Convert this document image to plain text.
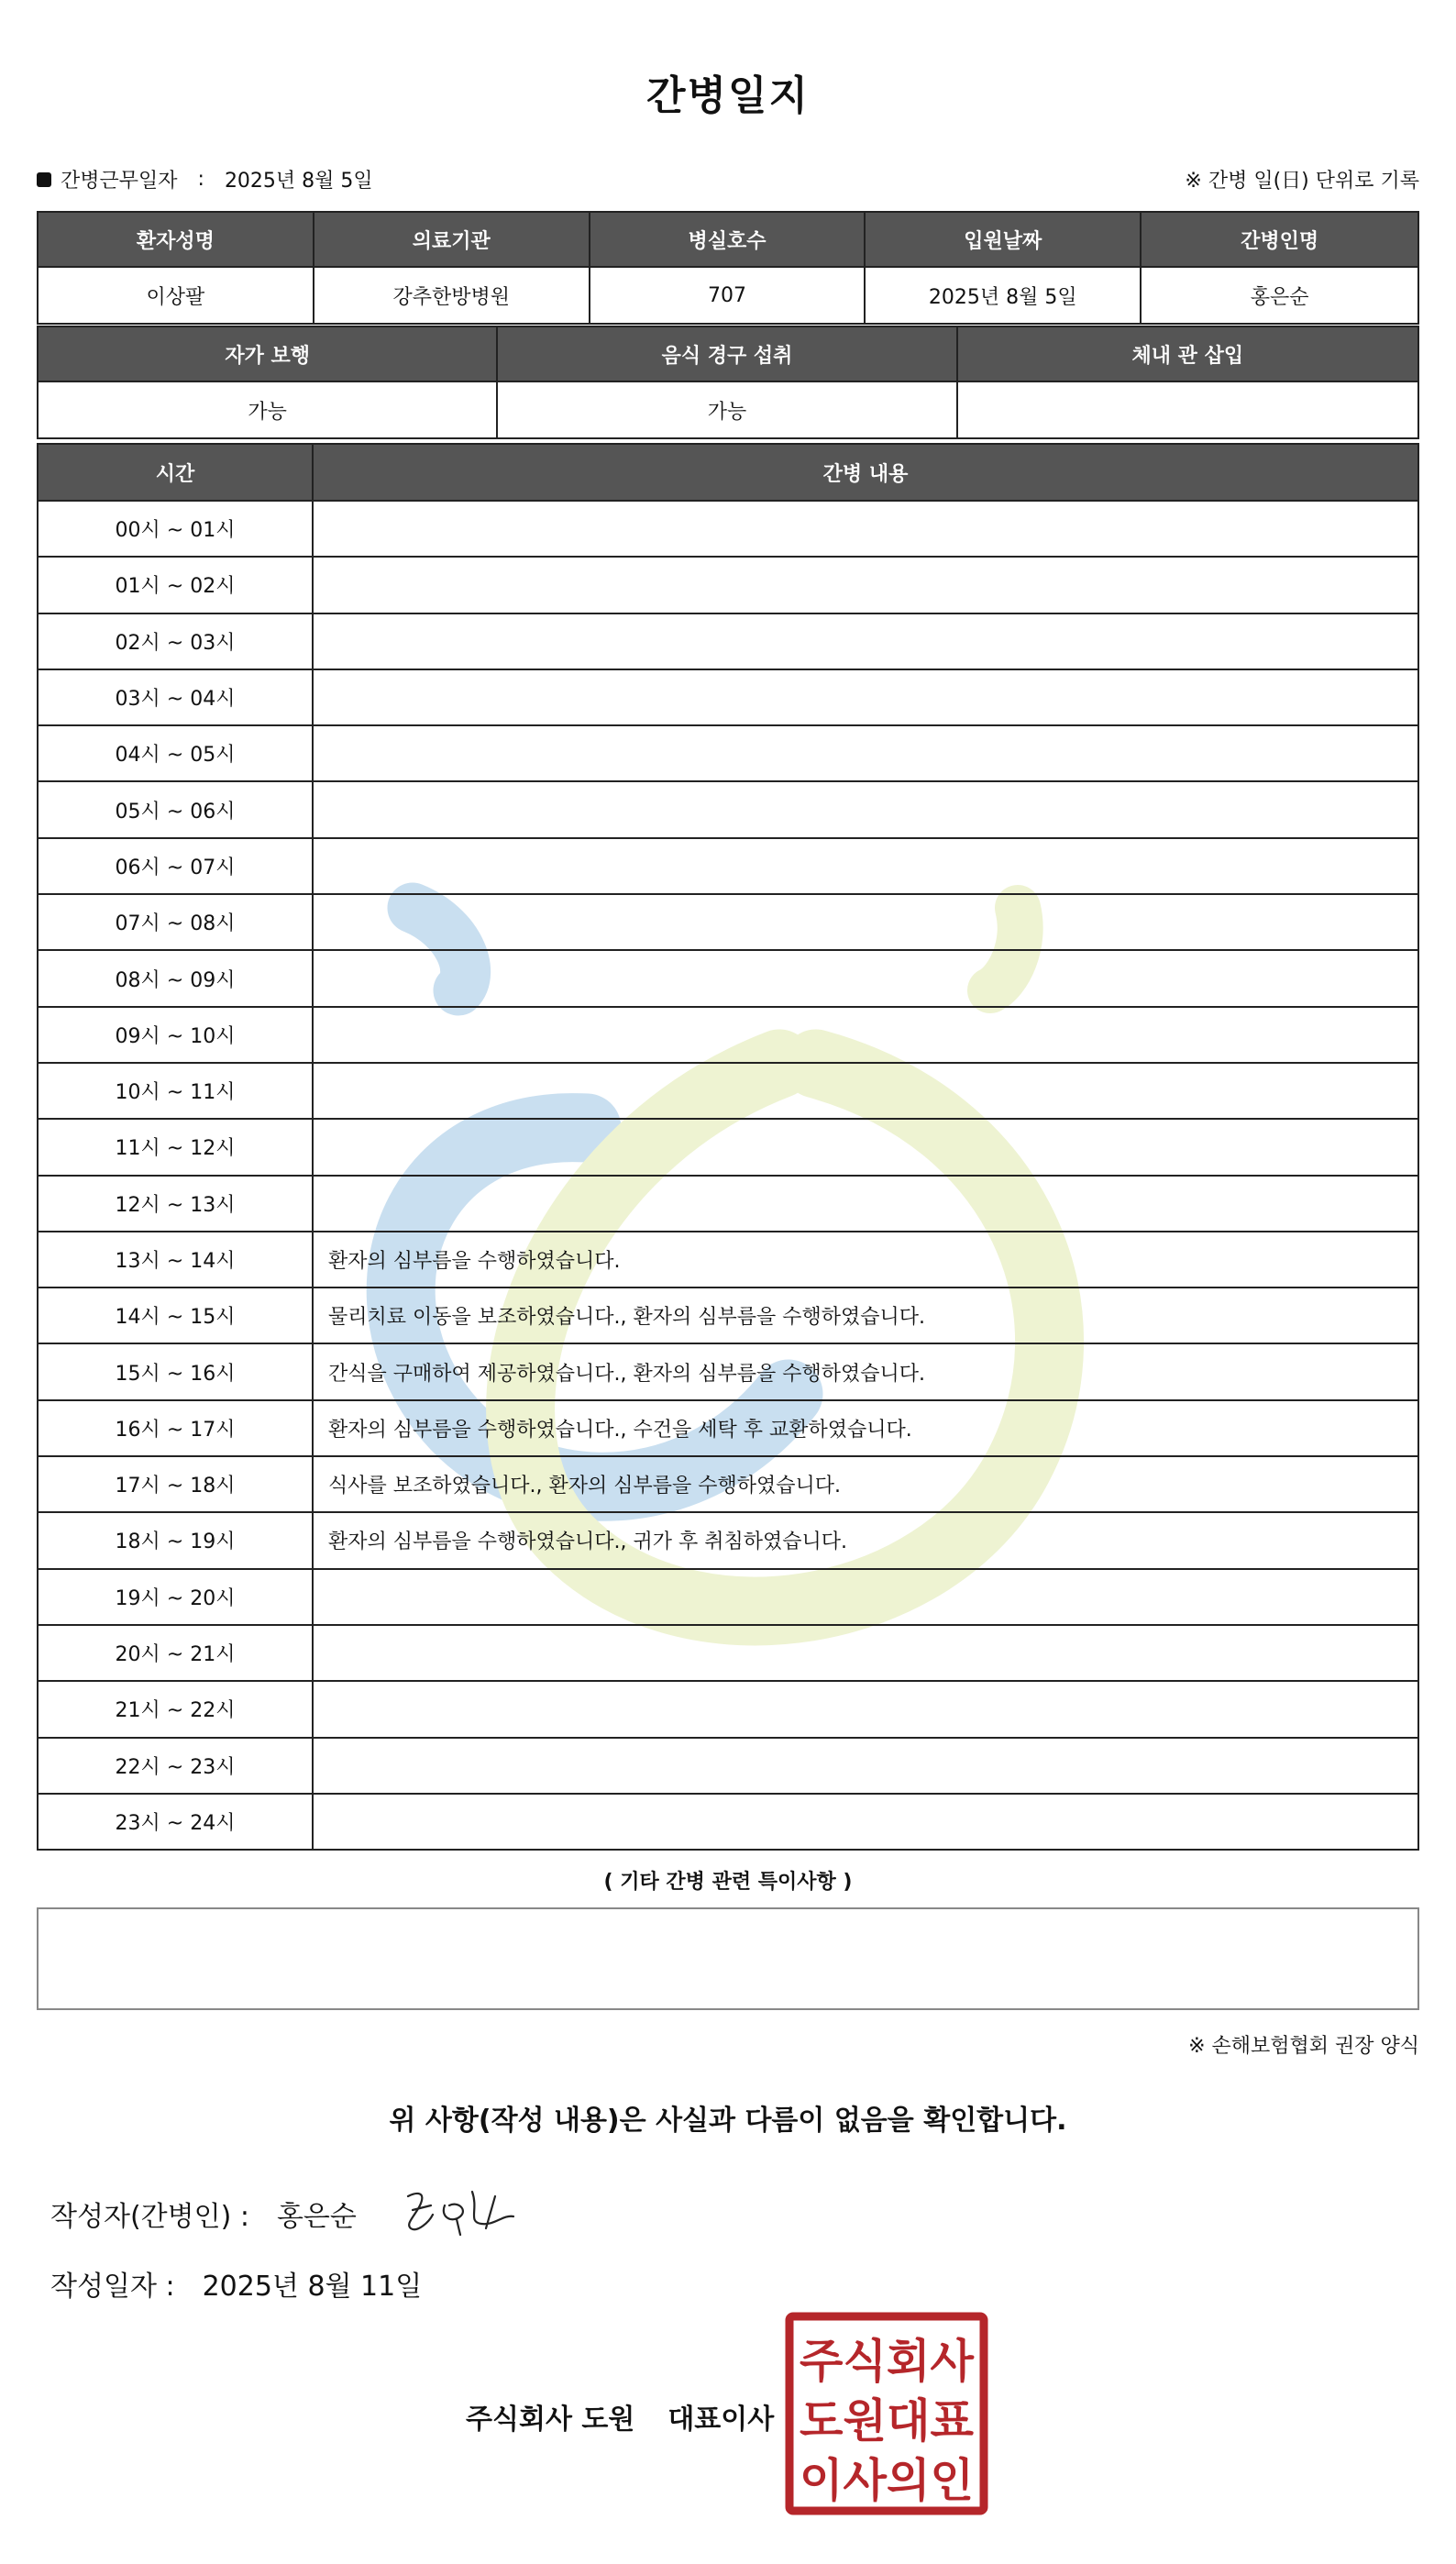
간병일지
간병근무일자 : 2025년 8월 5일	※ 간병 일(日) 단위로 기록
환자성명	의료기관	병실호수	입원날짜	간병인명
이상팔	강추한방병원	707	2025년 8월 5일	홍은순
자가 보행	음식 경구 섭취	체내 관 삽입
가능	가능
시간	간병 내용
00시 ~ 01시
01시 ~ 02시
02시 ~ 03시
03시 ~ 04시
04시 ~ 05시
05시 ~ 06시
06시 ~ 07시
07시 ~ 08시
08시 ~ 09시
09시 ~ 10시
10시 ~ 11시
11시 ~ 12시
12시 ~ 13시
13시 ~ 14시	환자의 심부름을 수행하였습니다.
14시 ~ 15시	물리치료 이동을 보조하였습니다., 환자의 심부름을 수행하였습니다.
15시 ~ 16시	간식을 구매하여 제공하였습니다., 환자의 심부름을 수행하였습니다.
16시 ~ 17시	환자의 심부름을 수행하였습니다., 수건을 세탁 후 교환하였습니다.
17시 ~ 18시	식사를 보조하였습니다., 환자의 심부름을 수행하였습니다.
18시 ~ 19시	환자의 심부름을 수행하였습니다., 귀가 후 취침하였습니다.
19시 ~ 20시
20시 ~ 21시
21시 ~ 22시
22시 ~ 23시
23시 ~ 24시
( 기타 간병 관련 특이사항 )
※ 손해보험협회 권장 양식
위 사항(작성 내용)은 사실과 다름이 없음을 확인합니다.
작성자(간병인) : 홍은순
작성일자 : 2025년 8월 11일
주식회사 도원 대표이사
주식회사
도원대표
이사의인
